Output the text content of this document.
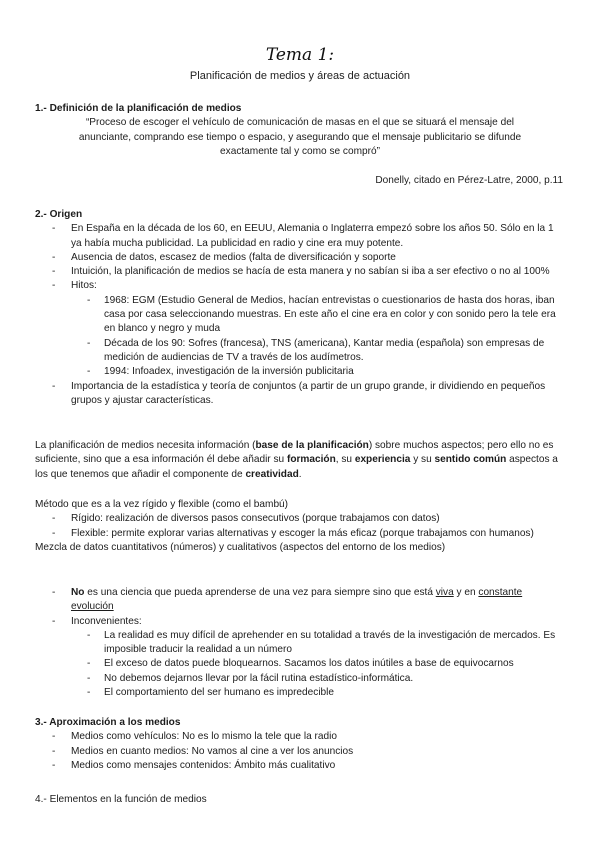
Tema 1:
Planificación de medios y áreas de actuación
1.- Definición de la planificación de medios
“Proceso de escoger el vehículo de comunicación de masas en el que se situará el mensaje del anunciante, comprando ese tiempo o espacio, y asegurando que el mensaje publicitario se difunde exactamente tal y como se compró”
Donelly, citado en Pérez-Latre, 2000, p.11
2.- Origen
- En España en la década de los 60, en EEUU, Alemania o Inglaterra empezó sobre los años 50. Sólo en la 1 ya había mucha publicidad. La publicidad en radio y cine era muy potente.
- Ausencia de datos, escasez de medios (falta de diversificación y soporte
- Intuición, la planificación de medios se hacía de esta manera y no sabían si iba a ser efectivo o no al 100%
- Hitos:
- 1968: EGM (Estudio General de Medios, hacían entrevistas o cuestionarios de hasta dos horas, iban casa por casa seleccionando muestras. En este año el cine era en color y con sonido pero la tele era en blanco y negro y muda
- Década de los 90: Sofres (francesa), TNS (americana), Kantar media (española) son empresas de medición de audiencias de TV a través de los audímetros.
- 1994: Infoadex, investigación de la inversión publicitaria
- Importancia de la estadística y teoría de conjuntos (a partir de un grupo grande, ir dividiendo en pequeños grupos y ajustar características.
La planificación de medios necesita información (base de la planificación) sobre muchos aspectos; pero ello no es suficiente, sino que a esa información él debe añadir su formación, su experiencia y su sentido común aspectos a los que tenemos que añadir el componente de creatividad.
Método que es a la vez rígido y flexible (como el bambú)
- Rígido: realización de diversos pasos consecutivos (porque trabajamos con datos)
- Flexible: permite explorar varias alternativas y escoger la más eficaz (porque trabajamos con humanos)
Mezcla de datos cuantitativos (números) y cualitativos (aspectos del entorno de los medios)
- No es una ciencia que pueda aprenderse de una vez para siempre sino que está viva y en constante evolución
- Inconvenientes:
- La realidad es muy difícil de aprehender en su totalidad a través de la investigación de mercados. Es imposible traducir la realidad a un número
- El exceso de datos puede bloquearnos. Sacamos los datos inútiles a base de equivocarnos
- No debemos dejarnos llevar por la fácil rutina estadístico-informática.
- El comportamiento del ser humano es impredecible
3.- Aproximación a los medios
- Medios como vehículos: No es lo mismo la tele que la radio
- Medios en cuanto medios: No vamos al cine a ver los anuncios
- Medios como mensajes contenidos: Ámbito más cualitativo
4.- Elementos en la función de medios
